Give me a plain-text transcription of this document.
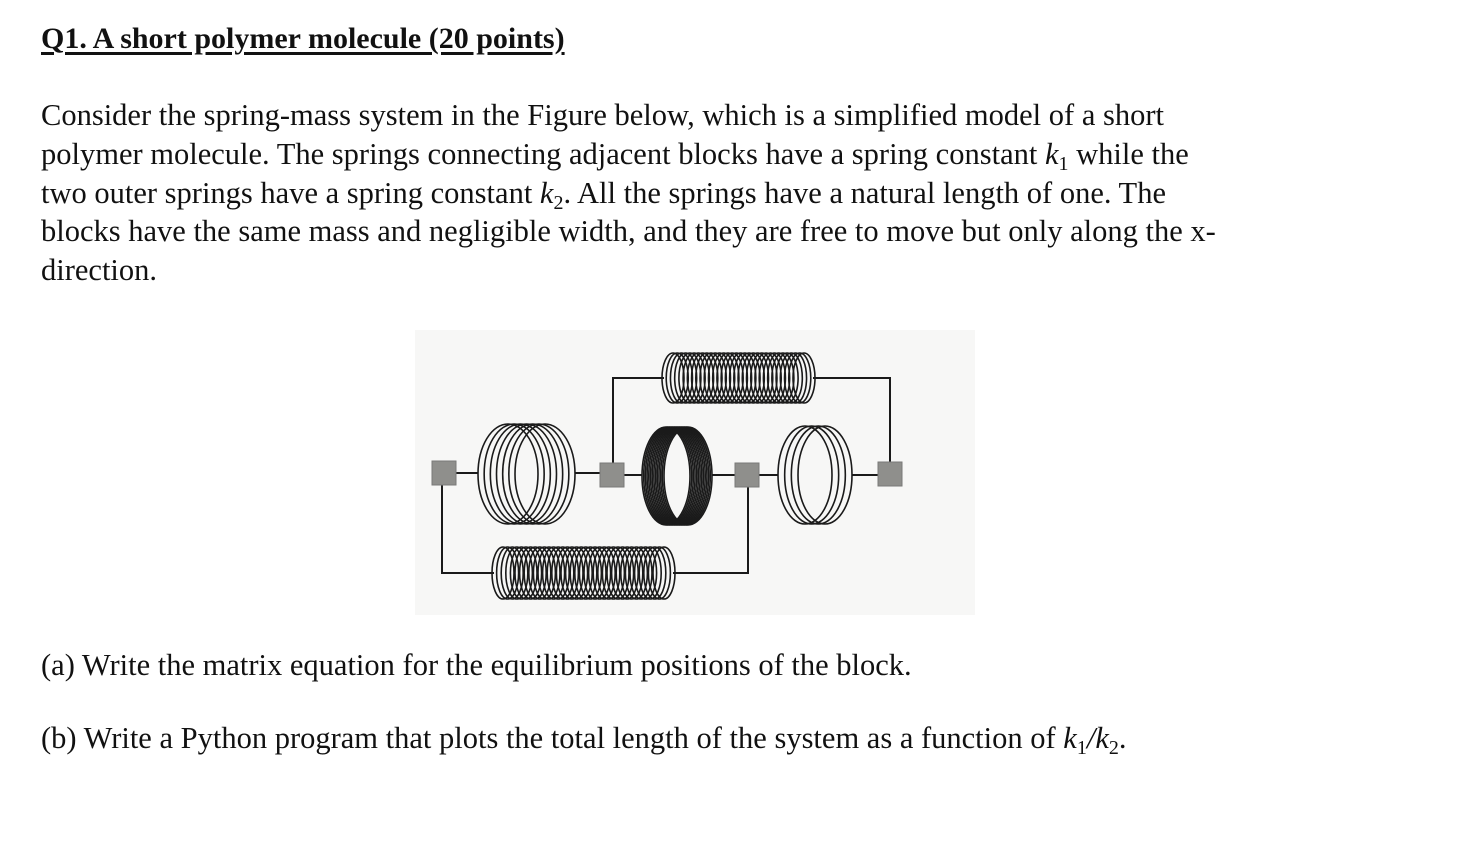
Q1. A short polymer molecule (20 points)
Consider the spring-mass system in the Figure below, which is a simplified model of a short
polymer molecule. The springs connecting adjacent blocks have a spring constant $k_1$ while the
two outer springs have a spring constant $k_2$. All the springs have a natural length of one. The
blocks have the same mass and negligible width, and they are free to move but only along the x-
direction.
(a) Write the matrix equation for the equilibrium positions of the block.
(b) Write a Python program that plots the total length of the system as a function of $k_1/k_2$.
